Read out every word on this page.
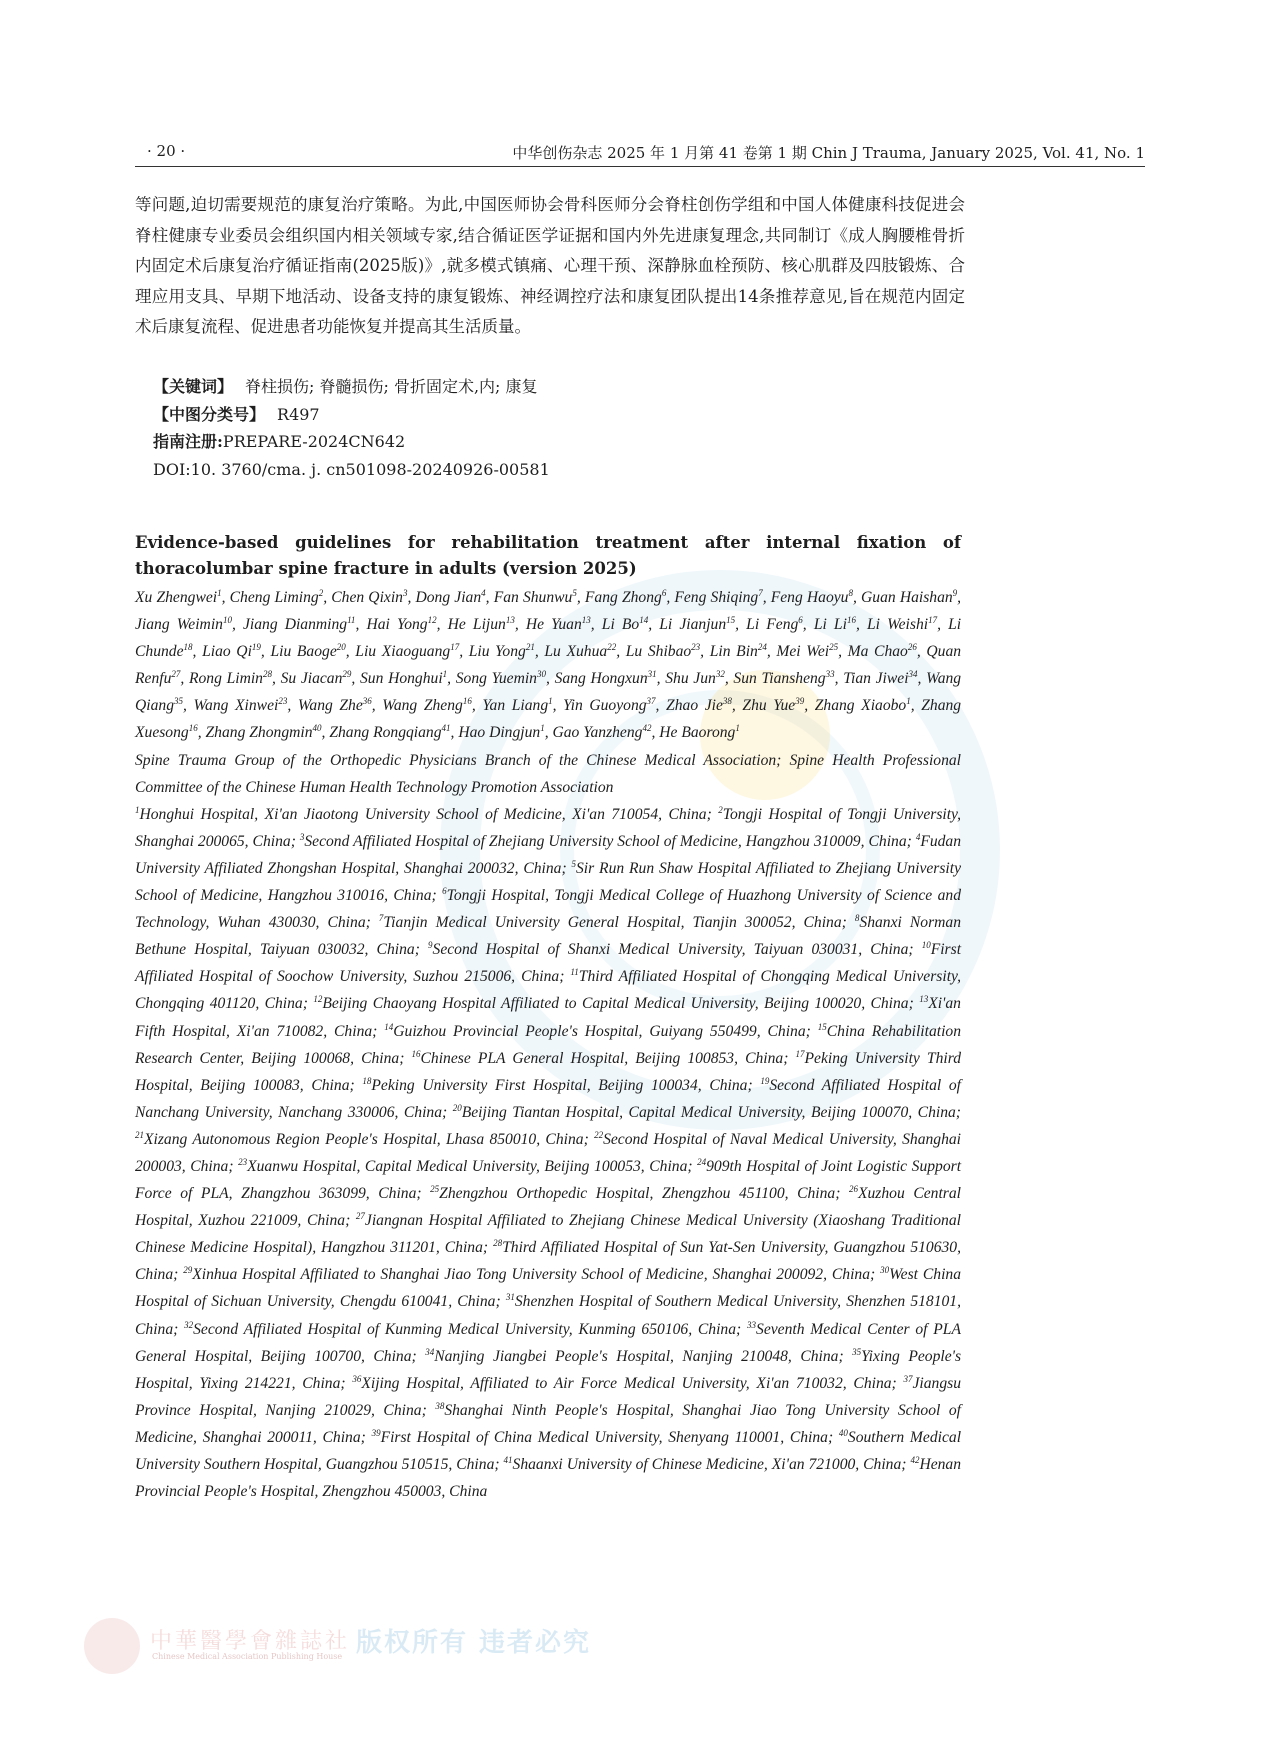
· 20 ·	中华创伤杂志 2025 年 1 月第 41 卷第 1 期 Chin J Trauma, January 2025, Vol. 41, No. 1

等问题,迫切需要规范的康复治疗策略。为此,中国医师协会骨科医师分会脊柱创伤学组和中国人体健康科技促进会脊柱健康专业委员会组织国内相关领域专家,结合循证医学证据和国内外先进康复理念,共同制订《成人胸腰椎骨折内固定术后康复治疗循证指南(2025版)》,就多模式镇痛、心理干预、深静脉血栓预防、核心肌群及四肢锻炼、合理应用支具、早期下地活动、设备支持的康复锻炼、神经调控疗法和康复团队提出14条推荐意见,旨在规范内固定术后康复流程、促进患者功能恢复并提高其生活质量。

【关键词】 脊柱损伤; 脊髓损伤; 骨折固定术,内; 康复
【中图分类号】 R497
指南注册:PREPARE-2024CN642
DOI:10. 3760/cma. j. cn501098-20240926-00581

Evidence-based guidelines for rehabilitation treatment after internal fixation of thoracolumbar spine fracture in adults (version 2025)

Xu Zhengwei$^1$, Cheng Liming$^2$, Chen Qixin$^3$, Dong Jian$^4$, Fan Shunwu$^5$, Fang Zhong$^6$, Feng Shiqing$^7$, Feng Haoyu$^8$, Guan Haishan$^9$, Jiang Weimin$^{10}$, Jiang Dianming$^{11}$, Hai Yong$^{12}$, He Lijun$^{13}$, He Yuan$^{13}$, Li Bo$^{14}$, Li Jianjun$^{15}$, Li Feng$^6$, Li Li$^{16}$, Li Weishi$^{17}$, Li Chunde$^{18}$, Liao Qi$^{19}$, Liu Baoge$^{20}$, Liu Xiaoguang$^{17}$, Liu Yong$^{21}$, Lu Xuhua$^{22}$, Lu Shibao$^{23}$, Lin Bin$^{24}$, Mei Wei$^{25}$, Ma Chao$^{26}$, Quan Renfu$^{27}$, Rong Limin$^{28}$, Su Jiacan$^{29}$, Sun Honghui$^1$, Song Yuemin$^{30}$, Sang Hongxun$^{31}$, Shu Jun$^{32}$, Sun Tiansheng$^{33}$, Tian Jiwei$^{34}$, Wang Qiang$^{35}$, Wang Xinwei$^{23}$, Wang Zhe$^{36}$, Wang Zheng$^{16}$, Yan Liang$^1$, Yin Guoyong$^{37}$, Zhao Jie$^{38}$, Zhu Yue$^{39}$, Zhang Xiaobo$^1$, Zhang Xuesong$^{16}$, Zhang Zhongmin$^{40}$, Zhang Rongqiang$^{41}$, Hao Dingjun$^1$, Gao Yanzheng$^{42}$, He Baorong$^1$

Spine Trauma Group of the Orthopedic Physicians Branch of the Chinese Medical Association; Spine Health Professional Committee of the Chinese Human Health Technology Promotion Association

$^1$Honghui Hospital, Xi'an Jiaotong University School of Medicine, Xi'an 710054, China; $^2$Tongji Hospital of Tongji University, Shanghai 200065, China; $^3$Second Affiliated Hospital of Zhejiang University School of Medicine, Hangzhou 310009, China; $^4$Fudan University Affiliated Zhongshan Hospital, Shanghai 200032, China; $^5$Sir Run Run Shaw Hospital Affiliated to Zhejiang University School of Medicine, Hangzhou 310016, China; $^6$Tongji Hospital, Tongji Medical College of Huazhong University of Science and Technology, Wuhan 430030, China; $^7$Tianjin Medical University General Hospital, Tianjin 300052, China; $^8$Shanxi Norman Bethune Hospital, Taiyuan 030032, China; $^9$Second Hospital of Shanxi Medical University, Taiyuan 030031, China; $^{10}$First Affiliated Hospital of Soochow University, Suzhou 215006, China; $^{11}$Third Affiliated Hospital of Chongqing Medical University, Chongqing 401120, China; $^{12}$Beijing Chaoyang Hospital Affiliated to Capital Medical University, Beijing 100020, China; $^{13}$Xi'an Fifth Hospital, Xi'an 710082, China; $^{14}$Guizhou Provincial People's Hospital, Guiyang 550499, China; $^{15}$China Rehabilitation Research Center, Beijing 100068, China; $^{16}$Chinese PLA General Hospital, Beijing 100853, China; $^{17}$Peking University Third Hospital, Beijing 100083, China; $^{18}$Peking University First Hospital, Beijing 100034, China; $^{19}$Second Affiliated Hospital of Nanchang University, Nanchang 330006, China; $^{20}$Beijing Tiantan Hospital, Capital Medical University, Beijing 100070, China; $^{21}$Xizang Autonomous Region People's Hospital, Lhasa 850010, China; $^{22}$Second Hospital of Naval Medical University, Shanghai 200003, China; $^{23}$Xuanwu Hospital, Capital Medical University, Beijing 100053, China; $^{24}$909th Hospital of Joint Logistic Support Force of PLA, Zhangzhou 363099, China; $^{25}$Zhengzhou Orthopedic Hospital, Zhengzhou 451100, China; $^{26}$Xuzhou Central Hospital, Xuzhou 221009, China; $^{27}$Jiangnan Hospital Affiliated to Zhejiang Chinese Medical University (Xiaoshang Traditional Chinese Medicine Hospital), Hangzhou 311201, China; $^{28}$Third Affiliated Hospital of Sun Yat-Sen University, Guangzhou 510630, China; $^{29}$Xinhua Hospital Affiliated to Shanghai Jiao Tong University School of Medicine, Shanghai 200092, China; $^{30}$West China Hospital of Sichuan University, Chengdu 610041, China; $^{31}$Shenzhen Hospital of Southern Medical University, Shenzhen 518101, China; $^{32}$Second Affiliated Hospital of Kunming Medical University, Kunming 650106, China; $^{33}$Seventh Medical Center of PLA General Hospital, Beijing 100700, China; $^{34}$Nanjing Jiangbei People's Hospital, Nanjing 210048, China; $^{35}$Yixing People's Hospital, Yixing 214221, China; $^{36}$Xijing Hospital, Affiliated to Air Force Medical University, Xi'an 710032, China; $^{37}$Jiangsu Province Hospital, Nanjing 210029, China; $^{38}$Shanghai Ninth People's Hospital, Shanghai Jiao Tong University School of Medicine, Shanghai 200011, China; $^{39}$First Hospital of China Medical University, Shenyang 110001, China; $^{40}$Southern Medical University Southern Hospital, Guangzhou 510515, China; $^{41}$Shaanxi University of Chinese Medicine, Xi'an 721000, China; $^{42}$Henan Provincial People's Hospital, Zhengzhou 450003, China

中華醫學會雜誌社
Chinese Medical Association Publishing House 版权所有 违者必究
